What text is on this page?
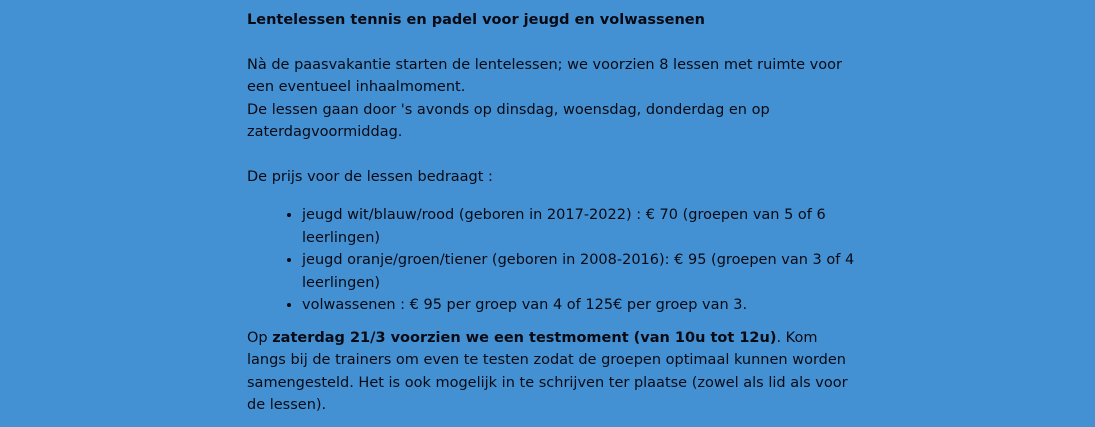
Lentelessen tennis en padel voor jeugd en volwassenen

Nà de paasvakantie starten de lentelessen; we voorzien 8 lessen met ruimte voor een eventueel inhaalmoment.

De lessen gaan door 's avonds op dinsdag, woensdag, donderdag en op zaterdagvoormiddag.

De prijs voor de lessen bedraagt :

• jeugd wit/blauw/rood (geboren in 2017-2022) : € 70 (groepen van 5 of 6 leerlingen)
• jeugd oranje/groen/tiener (geboren in 2008-2016): € 95 (groepen van 3 of 4 leerlingen)
• volwassenen : € 95 per groep van 4 of 125€ per groep van 3.

Op zaterdag 21/3 voorzien we een testmoment (van 10u tot 12u). Kom langs bij de trainers om even te testen zodat de groepen optimaal kunnen worden samengesteld. Het is ook mogelijk in te schrijven ter plaatse (zowel als lid als voor de lessen).
